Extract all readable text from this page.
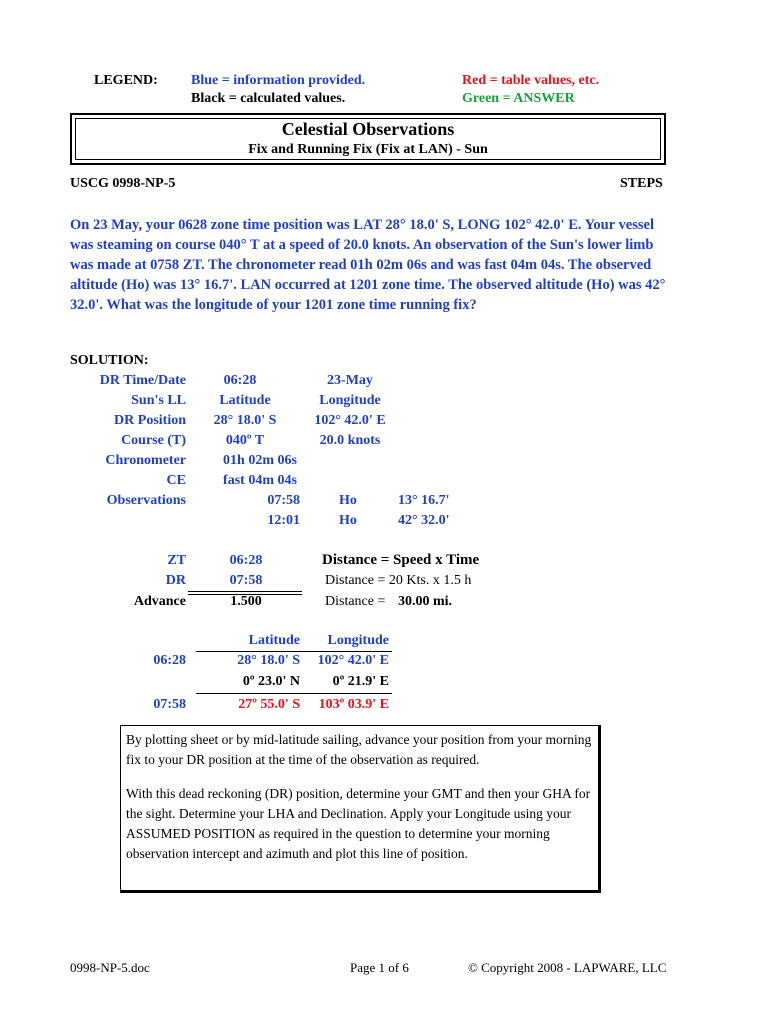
LEGEND: Blue = information provided.
Black = calculated values.
Red = table values, etc.
Green = ANSWER
Celestial Observations
Fix and Running Fix (Fix at LAN) - Sun
USCG 0998-NP-5	STEPS
On 23 May, your 0628 zone time position was LAT 28° 18.0' S, LONG 102° 42.0' E. Your vessel was steaming on course 040° T at a speed of 20.0 knots. An observation of the Sun's lower limb was made at 0758 ZT. The chronometer read 01h 02m 06s and was fast 04m 04s. The observed altitude (Ho) was 13° 16.7'. LAN occurred at 1201 zone time. The observed altitude (Ho) was 42° 32.0'. What was the longitude of your 1201 zone time running fix?
SOLUTION:
DR Time/Date	06:28	23-May
Sun's LL	Latitude	Longitude
DR Position	28° 18.0' S	102° 42.0' E
Course (T)	040º T	20.0 knots
Chronometer	01h 02m 06s
CE	fast 04m 04s
Observations	07:58	Ho	13° 16.7'
12:01	Ho	42° 32.0'
ZT	06:28
DR	07:58
Advance	1.500
Distance = Speed x Time
Distance = 20 Kts. x 1.5 h
Distance = 30.00 mi.
Latitude	Longitude
06:28	28° 18.0' S	102° 42.0' E
0º 23.0' N	0º 21.9' E
07:58	27º 55.0' S	103º 03.9' E

By plotting sheet or by mid-latitude sailing, advance your position from your morning fix to your DR position at the time of the observation as required.

With this dead reckoning (DR) position, determine your GMT and then your GHA for the sight. Determine your LHA and Declination. Apply your Longitude using your ASSUMED POSITION as required in the question to determine your morning observation intercept and azimuth and plot this line of position.

0998-NP-5.doc	Page 1 of 6	© Copyright 2008 - LAPWARE, LLC
